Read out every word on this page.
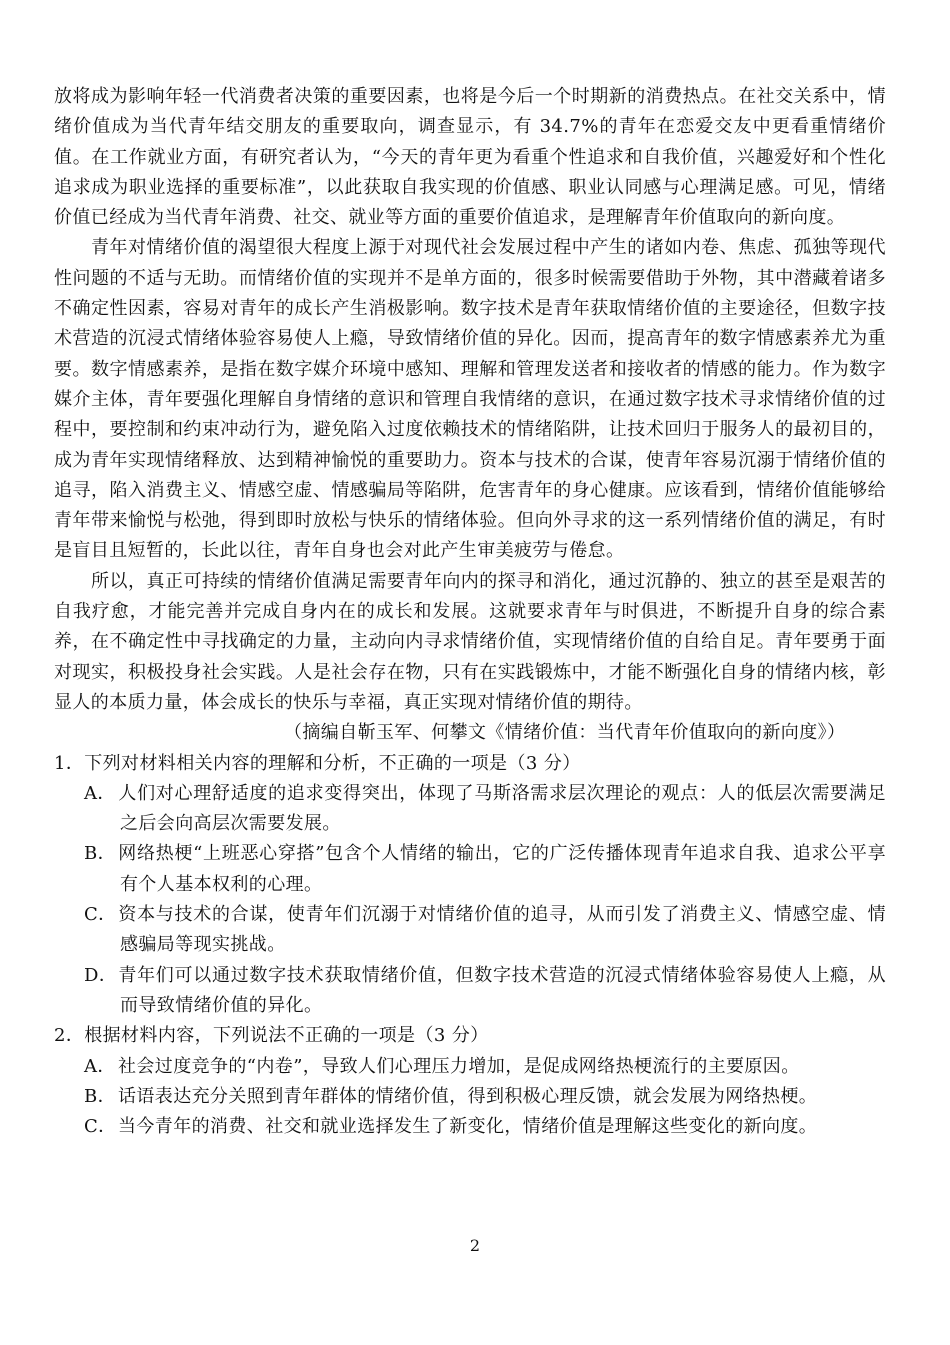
放将成为影响年轻一代消费者决策的重要因素，也将是今后一个时期新的消费热点。在社交关系中，情绪价值成为当代青年结交朋友的重要取向，调查显示，有 34.7%的青年在恋爱交友中更看重情绪价值。在工作就业方面，有研究者认为，“今天的青年更为看重个性追求和自我价值，兴趣爱好和个性化追求成为职业选择的重要标准”，以此获取自我实现的价值感、职业认同感与心理满足感。可见，情绪价值已经成为当代青年消费、社交、就业等方面的重要价值追求，是理解青年价值取向的新向度。

青年对情绪价值的渴望很大程度上源于对现代社会发展过程中产生的诸如内卷、焦虑、孤独等现代性问题的不适与无助。而情绪价值的实现并不是单方面的，很多时候需要借助于外物，其中潜藏着诸多不确定性因素，容易对青年的成长产生消极影响。数字技术是青年获取情绪价值的主要途径，但数字技术营造的沉浸式情绪体验容易使人上瘾，导致情绪价值的异化。因而，提高青年的数字情感素养尤为重要。数字情感素养，是指在数字媒介环境中感知、理解和管理发送者和接收者的情感的能力。作为数字媒介主体，青年要强化理解自身情绪的意识和管理自我情绪的意识，在通过数字技术寻求情绪价值的过程中，要控制和约束冲动行为，避免陷入过度依赖技术的情绪陷阱，让技术回归于服务人的最初目的，成为青年实现情绪释放、达到精神愉悦的重要助力。资本与技术的合谋，使青年容易沉溺于情绪价值的追寻，陷入消费主义、情感空虚、情感骗局等陷阱，危害青年的身心健康。应该看到，情绪价值能够给青年带来愉悦与松弛，得到即时放松与快乐的情绪体验。但向外寻求的这一系列情绪价值的满足，有时是盲目且短暂的，长此以往，青年自身也会对此产生审美疲劳与倦怠。

所以，真正可持续的情绪价值满足需要青年向内的探寻和消化，通过沉静的、独立的甚至是艰苦的自我疗愈，才能完善并完成自身内在的成长和发展。这就要求青年与时俱进，不断提升自身的综合素养，在不确定性中寻找确定的力量，主动向内寻求情绪价值，实现情绪价值的自给自足。青年要勇于面对现实，积极投身社会实践。人是社会存在物，只有在实践锻炼中，才能不断强化自身的情绪内核，彰显人的本质力量，体会成长的快乐与幸福，真正实现对情绪价值的期待。

（摘编自靳玉军、何攀文《情绪价值：当代青年价值取向的新向度》）

1．下列对材料相关内容的理解和分析，不正确的一项是（3 分）

A． 人们对心理舒适度的追求变得突出，体现了马斯洛需求层次理论的观点：人的低层次需要满足之后会向高层次需要发展。

B． 网络热梗“上班恶心穿搭”包含个人情绪的输出，它的广泛传播体现青年追求自我、追求公平享有个人基本权利的心理。

C．资本与技术的合谋，使青年们沉溺于对情绪价值的追寻，从而引发了消费主义、情感空虚、情感骗局等现实挑战。

D．青年们可以通过数字技术获取情绪价值，但数字技术营造的沉浸式情绪体验容易使人上瘾，从而导致情绪价值的异化。

2．根据材料内容，下列说法不正确的一项是（3 分）

A． 社会过度竞争的“内卷”，导致人们心理压力增加，是促成网络热梗流行的主要原因。

B． 话语表达充分关照到青年群体的情绪价值，得到积极心理反馈，就会发展为网络热梗。

C．当今青年的消费、社交和就业选择发生了新变化，情绪价值是理解这些变化的新向度。

2
